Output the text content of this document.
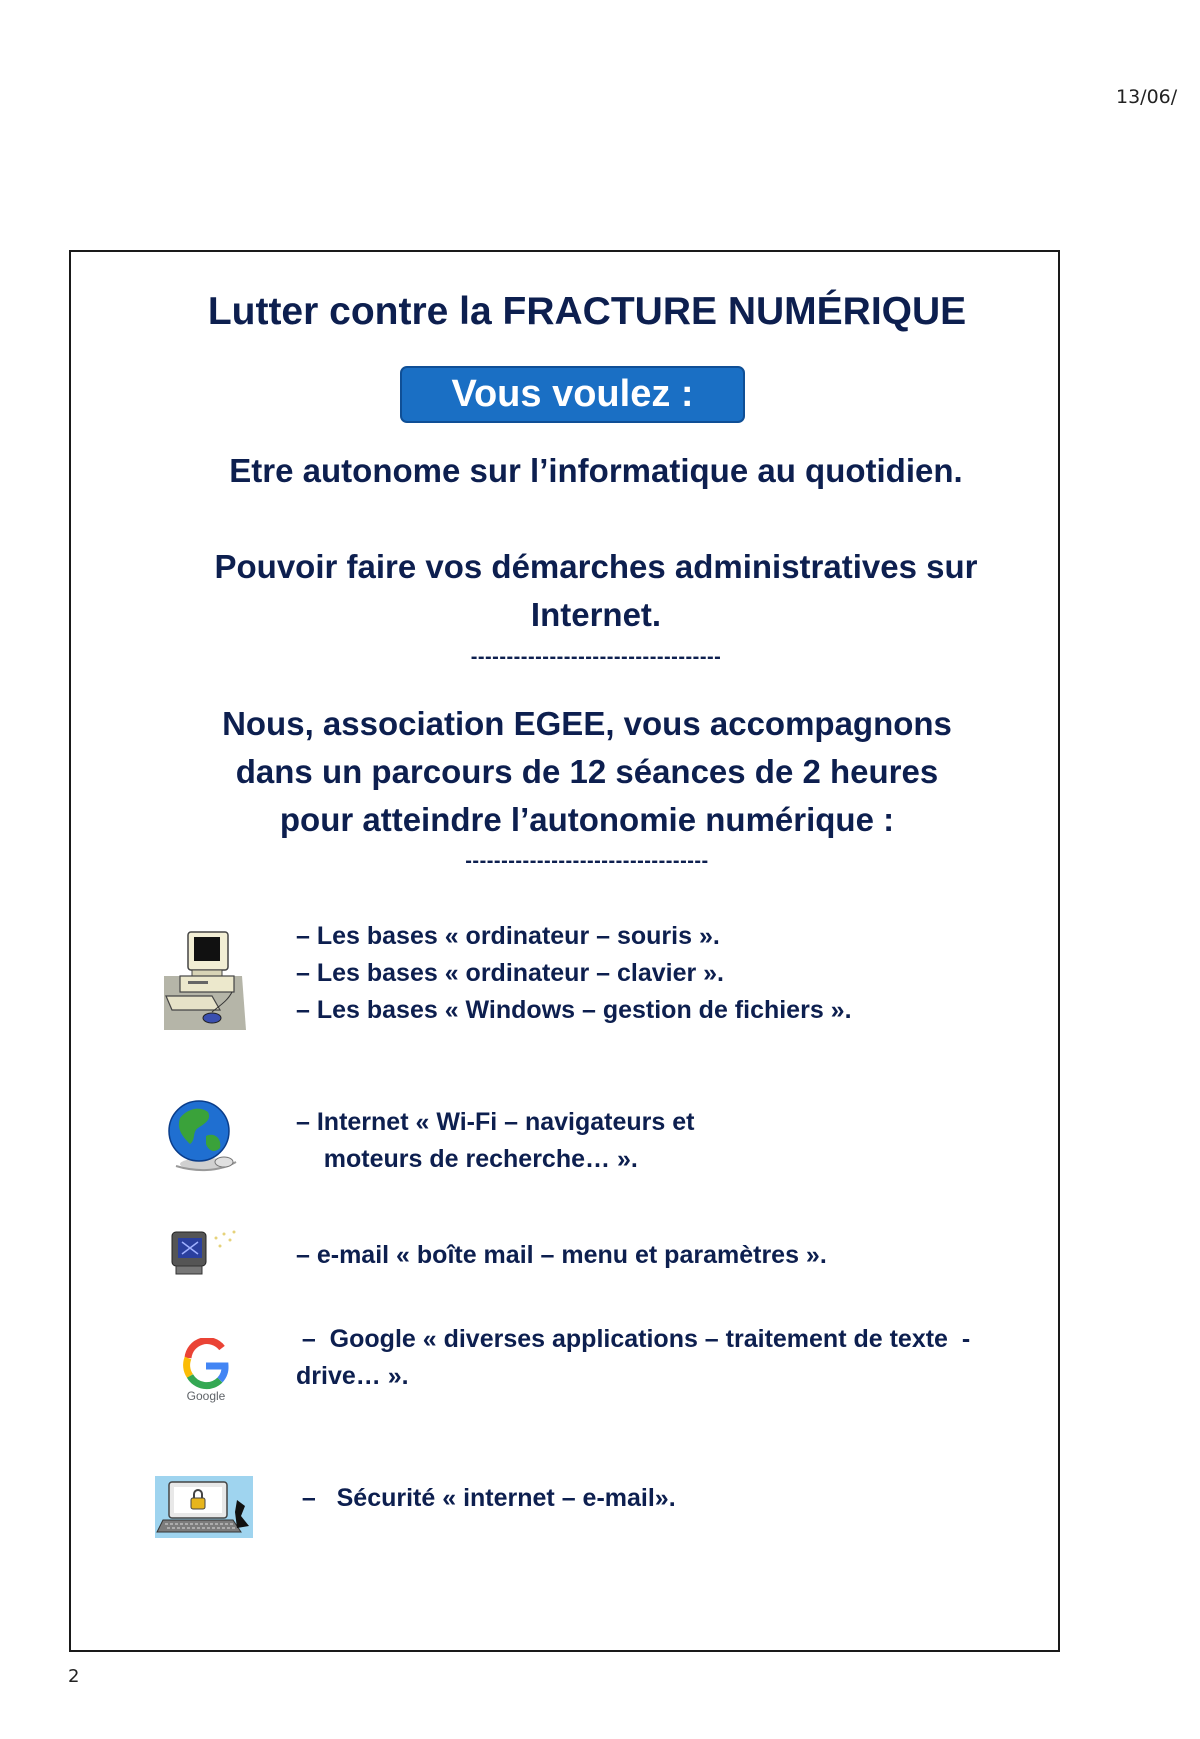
13/06/
Lutter contre la FRACTURE NUMÉRIQUE
Vous voulez :
Etre autonome sur l’informatique au quotidien.
Pouvoir faire vos démarches administratives sur
Internet.
-----------------------------------
Nous, association EGEE, vous accompagnons
dans un parcours de 12 séances de 2 heures
pour atteindre l’autonomie numérique :
----------------------------------
– Les bases « ordinateur – souris ».
– Les bases « ordinateur – clavier ».
– Les bases « Windows – gestion de fichiers ».
– Internet « Wi-Fi – navigateurs et
moteurs de recherche… ».
– e-mail « boîte mail – menu et paramètres ».
Google
–  Google « diverses applications – traitement de texte  -
drive… ».
–   Sécurité « internet – e-mail».
2
